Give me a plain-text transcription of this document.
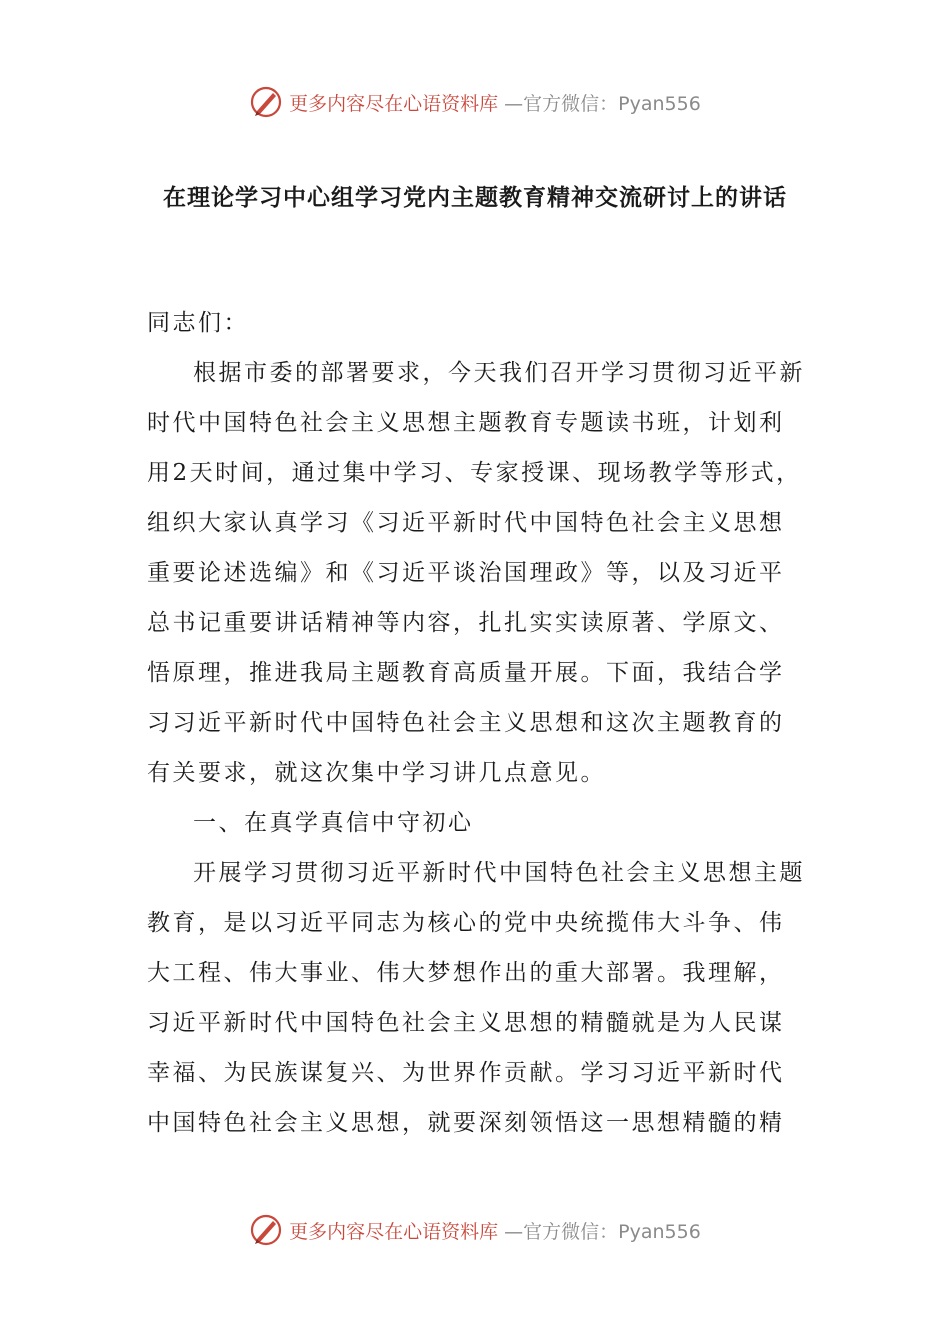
更多内容尽在心语资料库 —官方微信：Pyan556
在理论学习中心组学习党内主题教育精神交流研讨上的讲话

同志们：

根据市委的部署要求，今天我们召开学习贯彻习近平新时代中国特色社会主义思想主题教育专题读书班，计划利用2天时间，通过集中学习、专家授课、现场教学等形式，组织大家认真学习《习近平新时代中国特色社会主义思想重要论述选编》和《习近平谈治国理政》等，以及习近平总书记重要讲话精神等内容，扎扎实实读原著、学原文、悟原理，推进我局主题教育高质量开展。下面，我结合学习习近平新时代中国特色社会主义思想和这次主题教育的有关要求，就这次集中学习讲几点意见。

一、在真学真信中守初心

开展学习贯彻习近平新时代中国特色社会主义思想主题教育，是以习近平同志为核心的党中央统揽伟大斗争、伟大工程、伟大事业、伟大梦想作出的重大部署。我理解，习近平新时代中国特色社会主义思想的精髓就是为人民谋幸福、为民族谋复兴、为世界作贡献。学习习近平新时代中国特色社会主义思想，就要深刻领悟这一思想精髓的精

更多内容尽在心语资料库 —官方微信：Pyan556
